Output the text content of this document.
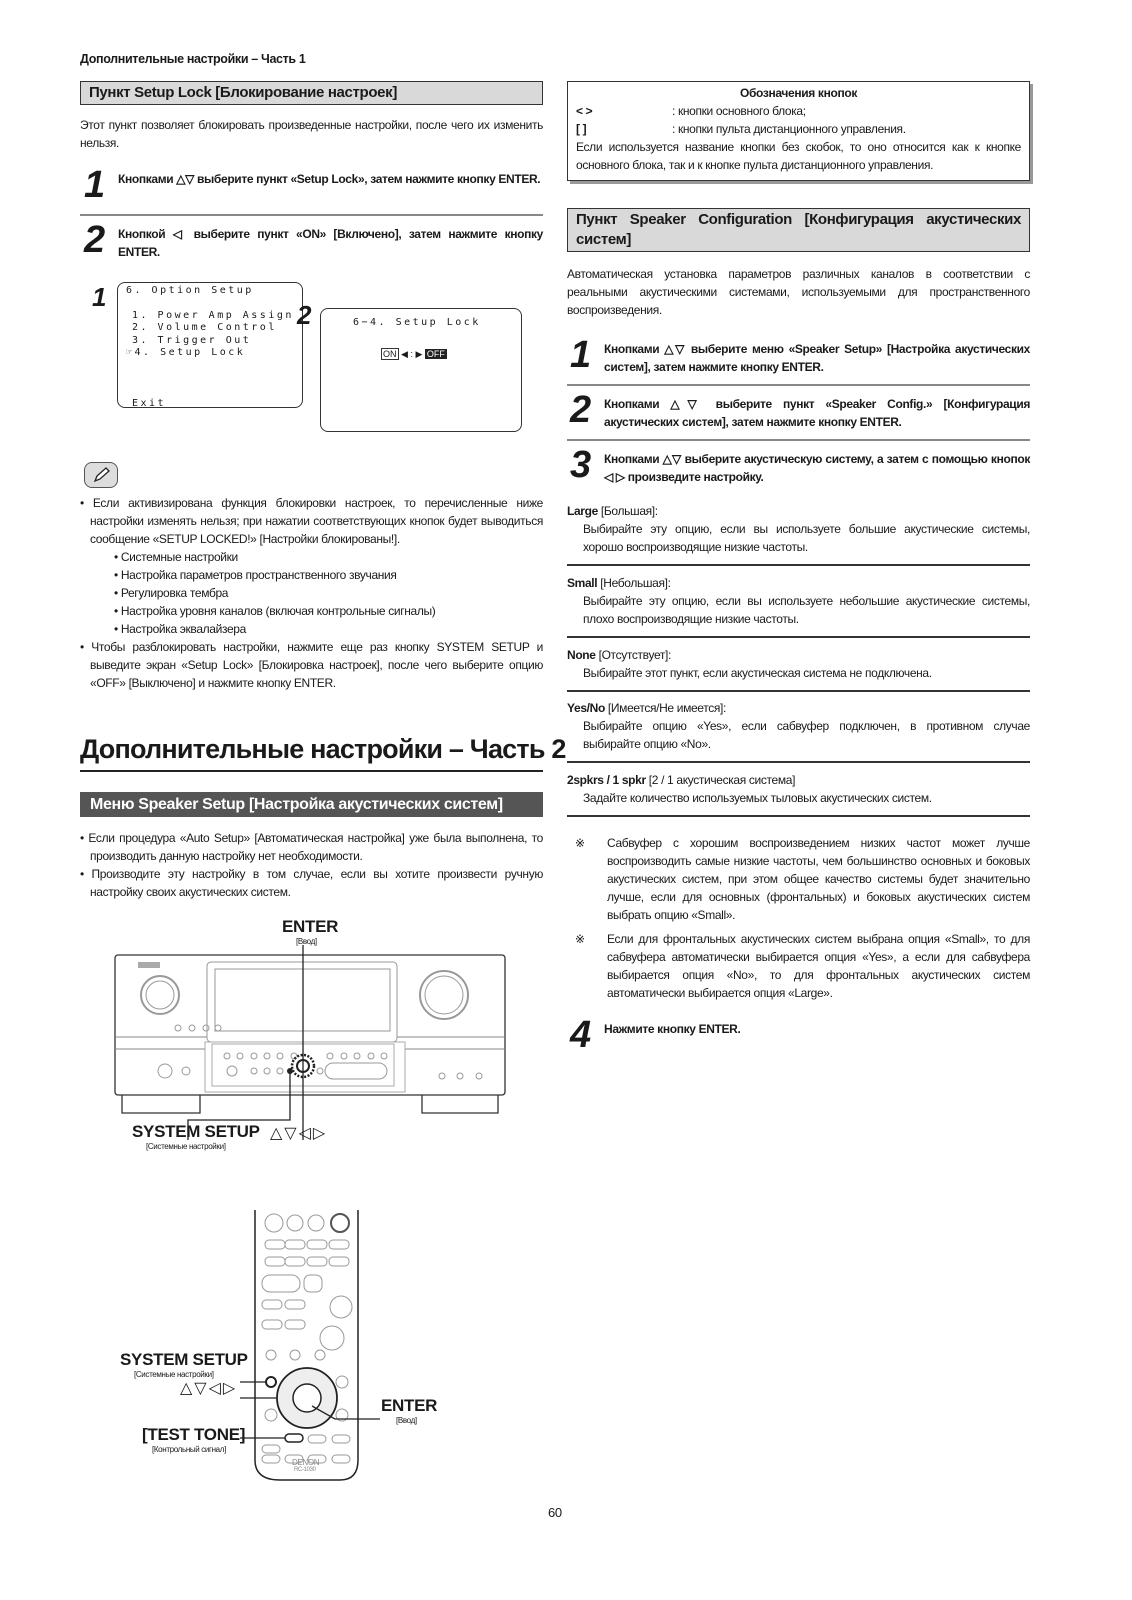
Дополнительные настройки – Часть 1
Пункт Setup Lock [Блокирование настроек]
Этот пункт позволяет блокировать произведенные настройки, после чего их изменить нельзя.
1	Кнопками △▽ выберите пункт «Setup Lock», затем нажмите кнопку ENTER.
2	Кнопкой ◁ выберите пункт «ON» [Включено], затем нажмите кнопку ENTER.
1	6. Option Setup
1. Power Amp Assign
2. Volume Control
3. Trigger Out
☞4. Setup Lock
Exit
2	6−4. Setup Lock
ON ◀ : ▶ OFF
• Если активизирована функция блокировки настроек, то перечисленные ниже настройки изменять нельзя; при нажатии соответствующих кнопок будет выводиться сообщение «SETUP LOCKED!» [Настройки блокированы!].
• Системные настройки
• Настройка параметров пространственного звучания
• Регулировка тембра
• Настройка уровня каналов (включая контрольные сигналы)
• Настройка эквалайзера
• Чтобы разблокировать настройки, нажмите еще раз кнопку SYSTEM SETUP и выведите экран «Setup Lock» [Блокировка настроек], после чего выберите опцию «OFF» [Выключено] и нажмите кнопку ENTER.
Дополнительные настройки – Часть 2
Меню Speaker Setup [Настройка акустических систем]
• Если процедура «Auto Setup» [Автоматическая настройка] уже была выполнена, то производить данную настройку нет необходимости.
• Производите эту настройку в том случае, если вы хотите произвести ручную настройку своих акустических систем.
ENTER
[Ввод]
SYSTEM SETUP
[Системные настройки]
△▽◁▷
DENON
RC-1030
SYSTEM SETUP
[Системные настройки]
△▽◁▷
ENTER
[Ввод]
[TEST TONE]
[Контрольный сигнал]
Обозначения кнопок
< >	: кнопки основного блока;
[ ]	: кнопки пульта дистанционного управления.
Если используется название кнопки без скобок, то оно относится как к кнопке основного блока, так и к кнопке пульта дистанционного управления.
Пункт Speaker Configuration [Конфигурация акустических систем]
Автоматическая установка параметров различных каналов в соответствии с реальными акустическими системами, используемыми для пространственного воспроизведения.
1	Кнопками △▽ выберите меню «Speaker Setup» [Настройка акустических систем], затем нажмите кнопку ENTER.
2	Кнопками △▽ выберите пункт «Speaker Config.» [Конфигурация акустических систем], затем нажмите кнопку ENTER.
3	Кнопками △▽ выберите акустическую систему, а затем с помощью кнопок ◁ ▷ произведите настройку.
Large [Большая]:
Выбирайте эту опцию, если вы используете большие акустические системы, хорошо воспроизводящие низкие частоты.
Small [Небольшая]:
Выбирайте эту опцию, если вы используете небольшие акустические системы, плохо воспроизводящие низкие частоты.
None [Отсутствует]:
Выбирайте этот пункт, если акустическая система не подключена.
Yes/No [Имеется/Не имеется]:
Выбирайте опцию «Yes», если сабвуфер подключен, в противном случае выбирайте опцию «No».
2spkrs / 1 spkr [2 / 1 акустическая система]
Задайте количество используемых тыловых акустических систем.
※	Сабвуфер с хорошим воспроизведением низких частот может лучше воспроизводить самые низкие частоты, чем большинство основных и боковых акустических систем, при этом общее качество системы будет значительно лучше, если для основных (фронтальных) и боковых акустических систем выбрать опцию «Small».
※	Если для фронтальных акустических систем выбрана опция «Small», то для сабвуфера автоматически выбирается опция «Yes», а если для сабвуфера выбирается опция «No», то для фронтальных акустических систем автоматически выбирается опция «Large».
4	Нажмите кнопку ENTER.
60
